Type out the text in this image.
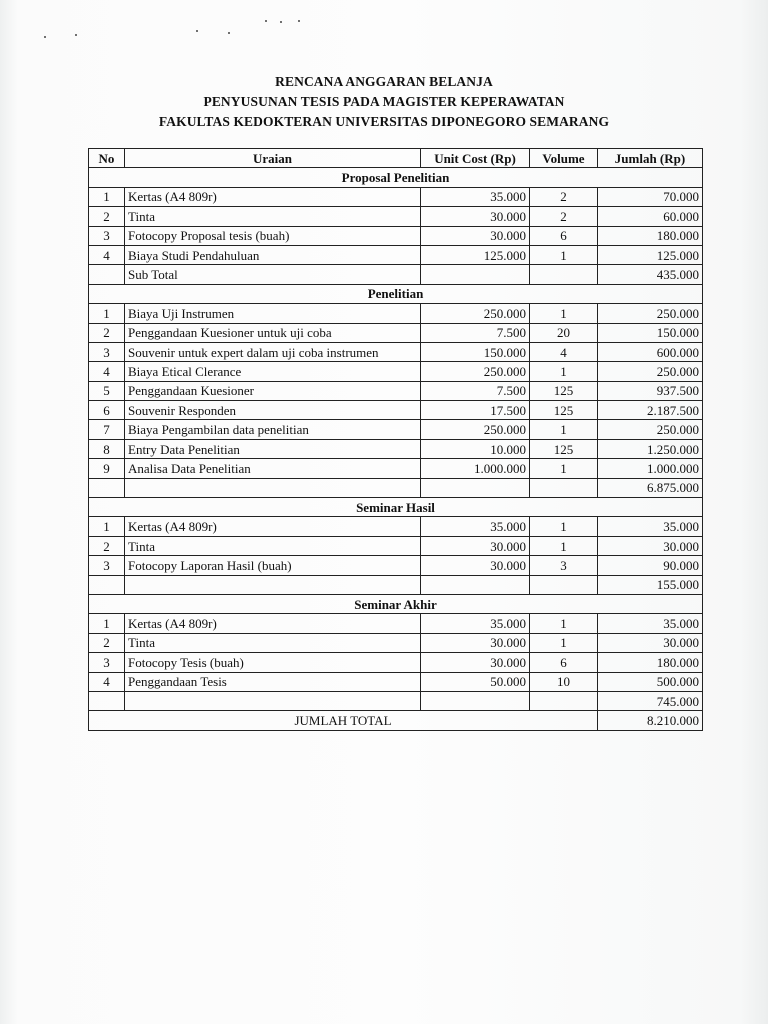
RENCANA ANGGARAN BELANJA
PENYUSUNAN TESIS PADA MAGISTER KEPERAWATAN
FAKULTAS KEDOKTERAN UNIVERSITAS DIPONEGORO SEMARANG
No	Uraian	Unit Cost (Rp)	Volume	Jumlah (Rp)
Proposal Penelitian				
1	Kertas (A4 809r)	35.000	2	70.000
2	Tinta	30.000	2	60.000
3	Fotocopy Proposal tesis (buah)	30.000	6	180.000
4	Biaya Studi Pendahuluan	125.000	1	125.000
	Sub Total			435.000
Penelitian				
1	Biaya Uji Instrumen	250.000	1	250.000
2	Penggandaan Kuesioner untuk uji coba	7.500	20	150.000
3	Souvenir untuk expert dalam uji coba instrumen	150.000	4	600.000
4	Biaya Etical Clerance	250.000	1	250.000
5	Penggandaan Kuesioner	7.500	125	937.500
6	Souvenir Responden	17.500	125	2.187.500
7	Biaya Pengambilan data penelitian	250.000	1	250.000
8	Entry Data Penelitian	10.000	125	1.250.000
9	Analisa Data Penelitian	1.000.000	1	1.000.000
				6.875.000
Seminar Hasil				
1	Kertas (A4 809r)	35.000	1	35.000
2	Tinta	30.000	1	30.000
3	Fotocopy Laporan Hasil (buah)	30.000	3	90.000
				155.000
Seminar Akhir				
1	Kertas (A4 809r)	35.000	1	35.000
2	Tinta	30.000	1	30.000
3	Fotocopy Tesis (buah)	30.000	6	180.000
4	Penggandaan Tesis	50.000	10	500.000
				745.000
JUMLAH TOTAL				8.210.000
